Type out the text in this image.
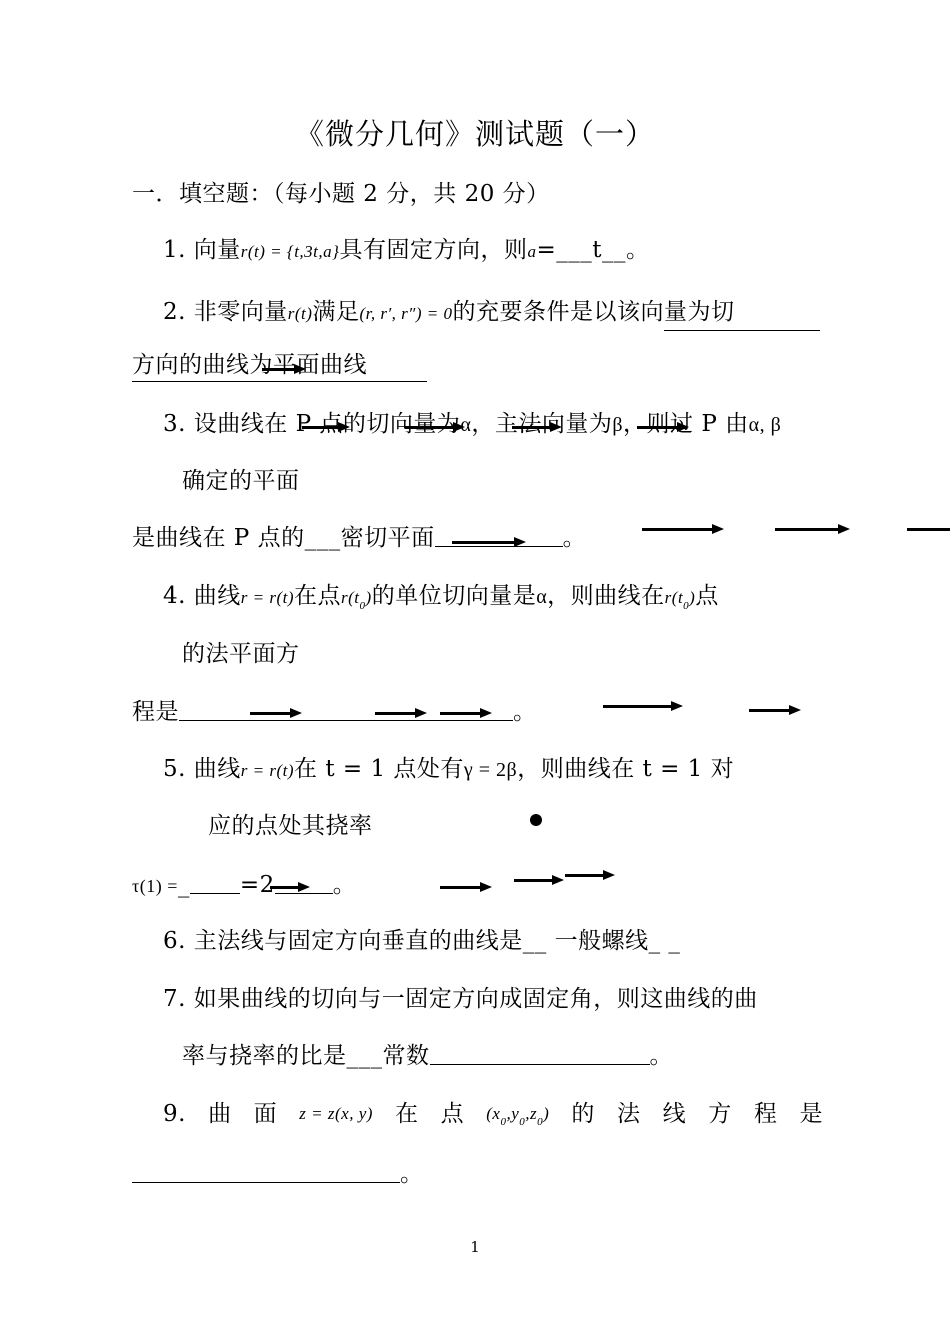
《微分几何》测试题（一）
一．填空题：（每小题 2 分，共 20 分）
1. 向量r(t) = {t,3t,a}具有固定方向，则a=___t__。
2. 非零向量r(t)满足(r, r′, r″) = 0的充要条件是以该向量为切
方向的曲线为平面曲线
3. 设曲线在 P 点的切向量为α，主法向量为β，则过 P 由α, β
确定的平面
是曲线在 P 点的___密切平面	。
4. 曲线r = r(t)在点$r(t_0)$的单位切向量是α，则曲线在$r(t_0)$点
的法平面方
程是	。
5. 曲线r = r(t)在 t = 1 点处有γ = 2β，则曲线在 t = 1 对
应的点处其挠率
τ(1) =_ =2	。
6. 主法线与固定方向垂直的曲线是__ 一般螺线_ _
7. 如果曲线的切向与一固定方向成固定角，则这曲线的曲
率与挠率的比是___常数	。
9. 曲 面 z = z(x, y) 在 点 $(x_0,y_0,z_0)$ 的 法 线 方 程 是
。
1
